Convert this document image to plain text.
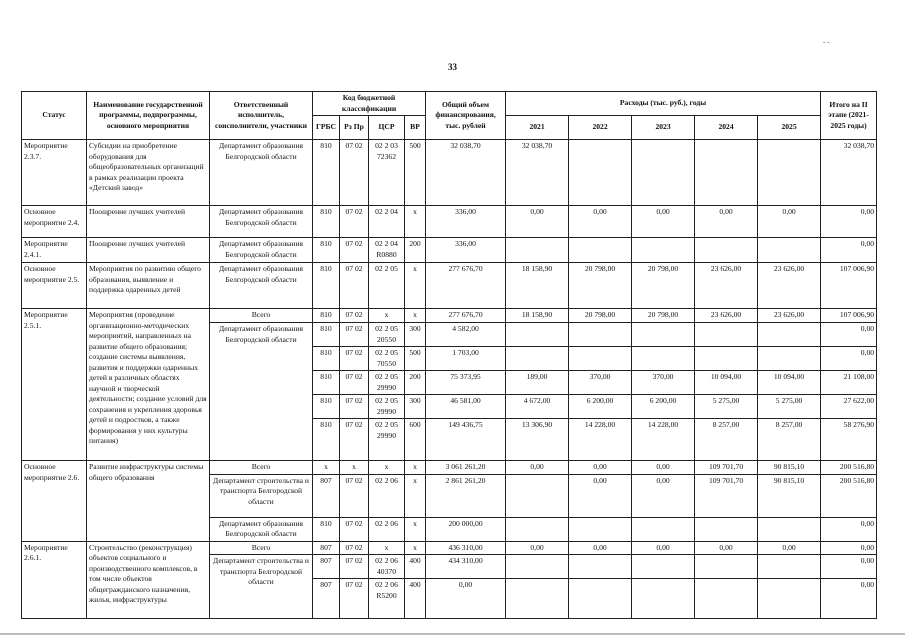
33
- -
Статус	Наименование государственной программы, подпрограммы, основного мероприятия	Ответственный исполнитель, соисполнители, участники	Код бюджетной классификации				Общий объем финансирования, тыс. рублей	Расходы (тыс. руб.), годы					Итого на II этапе (2021-2025 годы)
			ГРБС	Рз Пр	ЦСР	ВР		2021	2022	2023	2024	2025	
Мероприятие 2.3.7.	Субсидии на приобретение оборудования для общеобразовательных организаций в рамках реализации проекта «Детский завод»	Департамент образования Белгородской области	810	07 02	02 2 03 72362	500	32 038,70	32 038,70					32 038,70
Основное мероприятие 2.4.	Поощрение лучших учителей	Департамент образования Белгородской области	810	07 02	02 2 04	х	336,00	0,00	0,00	0,00	0,00	0,00	0,00
Мероприятие 2.4.1.	Поощрение лучших учителей	Департамент образования Белгородской области	810	07 02	02 2 04 R0880	200	336,00						0,00
Основное мероприятие 2.5.	Мероприятия по развитию общего образования, выявление и поддержка одаренных детей	Департамент образования Белгородской области	810	07 02	02 2 05	х	277 676,70	18 158,90	20 798,00	20 798,00	23 626,00	23 626,00	107 006,90
Мероприятие 2.5.1.	Мероприятия (проведение организационно-методических мероприятий, направленных на развитие общего образования; создание системы выявления, развития и поддержки одаренных детей в различных областях научной и творческой деятельности; создание условий для сохранения и укрепления здоровья детей и подростков, а также формирования у них культуры питания)	Всего	810	07 02	х	х	277 676,70	18 158,90	20 798,00	20 798,00	23 626,00	23 626,00	107 006,90
		Департамент образования Белгородской области	810	07 02	02 2 05 20550	300	4 582,00						0,00
			810	07 02	02 2 05 70550	500	1 703,00						0,00
			810	07 02	02 2 05 29990	200	75 373,95	189,00	370,00	370,00	10 094,00	10 094,00	21 108,00
			810	07 02	02 2 05 29990	300	46 581,00	4 672,00	6 200,00	6 200,00	5 275,00	5 275,00	27 622,00
			810	07 02	02 2 05 29990	600	149 436,75	13 306,90	14 228,00	14 228,00	8 257,00	8 257,00	58 276,90
Основное мероприятие 2.6.	Развитие инфраструктуры системы общего образования	Всего	х	х	х	х	3 061 261,20	0,00	0,00	0,00	109 701,70	90 815,10	200 516,80
		Департамент строительства и транспорта Белгородской области	807	07 02	02 2 06	х	2 861 261,20		0,00	0,00	109 701,70	90 815,10	200 516,80
		Департамент образования Белгородской области	810	07 02	02 2 06	х	200 000,00						0,00
Мероприятие 2.6.1.	Строительство (реконструкция) объектов социального и производственного комплексов, в том числе объектов общегражданского назначения, жилья, инфраструктуры	Всего	807	07 02	х	х	436 310,00	0,00	0,00	0,00	0,00	0,00	0,00
		Департамент строительства и транспорта Белгородской области	807	07 02	02 2 06 40370	400	434 310,00						0,00
			807	07 02	02 2 06 R5200	400	0,00						0,00
